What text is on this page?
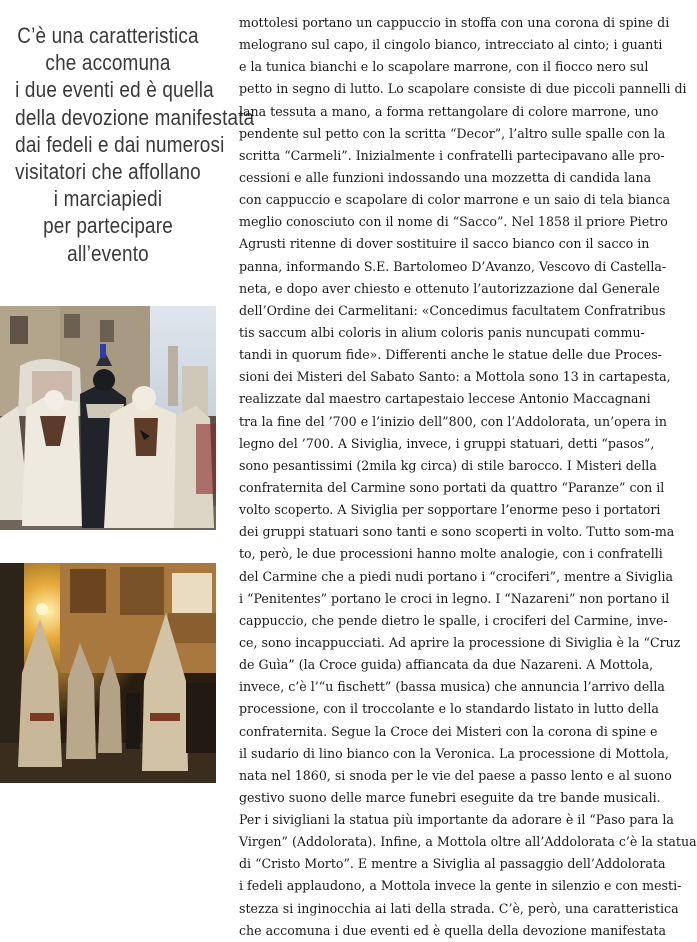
C’è una caratteristica
che accomuna
i due eventi ed è quella
della devozione manifestata
dai fedeli e dai numerosi
visitatori che affollano
i marciapiedi
per partecipare
all’evento
mottolesi portano un cappuccio in stoffa con una corona di spine di
melograno sul capo, il cingolo bianco, intrecciato al cinto; i guanti
e la tunica bianchi e lo scapolare marrone, con il fiocco nero sul
petto in segno di lutto. Lo scapolare consiste di due piccoli pannelli di
lana tessuta a mano, a forma rettangolare di colore marrone, uno
pendente sul petto con la scritta “Decor”, l’altro sulle spalle con la
scritta “Carmeli”. Inizialmente i confratelli partecipavano alle pro-
cessioni e alle funzioni indossando una mozzetta di candida lana
con cappuccio e scapolare di color marrone e un saio di tela bianca
meglio conosciuto con il nome di “Sacco”. Nel 1858 il priore Pietro
Agrusti ritenne di dover sostituire il sacco bianco con il sacco in
panna, informando S.E. Bartolomeo D’Avanzo, Vescovo di Castella-
neta, e dopo aver chiesto e ottenuto l’autorizzazione dal Generale
dell’Ordine dei Carmelitani: «Concedimus facultatem Confratribus
tis saccum albi coloris in alium coloris panis nuncupati commu-
tandi in quorum fide». Differenti anche le statue delle due Proces-
sioni dei Misteri del Sabato Santo: a Mottola sono 13 in cartapesta,
realizzate dal maestro cartapestaio leccese Antonio Maccagnani
tra la fine del ’700 e l’inizio dell”800, con l’Addolorata, un’opera in
legno del ’700. A Siviglia, invece, i gruppi statuari, detti “pasos”,
sono pesantissimi (2mila kg circa) di stile barocco. I Misteri della
confraternita del Carmine sono portati da quattro “Paranze” con il
volto scoperto. A Siviglia per sopportare l’enorme peso i portatori
dei gruppi statuari sono tanti e sono scoperti in volto. Tutto som-ma
to, però, le due processioni hanno molte analogie, con i confratelli
del Carmine che a piedi nudi portano i “crociferi”, mentre a Siviglia
i “Penitentes” portano le croci in legno. I “Nazareni” non portano il
cappuccio, che pende dietro le spalle, i crociferi del Carmine, inve-
ce, sono incappucciati. Ad aprire la processione di Siviglia è la “Cruz
de Guìa” (la Croce guida) affiancata da due Nazareni. A Mottola,
invece, c’è l’“u fischett” (bassa musica) che annuncia l’arrivo della
processione, con il troccolante e lo standardo listato in lutto della
confraternita. Segue la Croce dei Misteri con la corona di spine e
il sudario di lino bianco con la Veronica. La processione di Mottola,
nata nel 1860, si snoda per le vie del paese a passo lento e al suono
gestivo suono delle marce funebri eseguite da tre bande musicali.
Per i sivigliani la statua più importante da adorare è il “Paso para la
Virgen” (Addolorata). Infine, a Mottola oltre all’Addolorata c’è la statua
di “Cristo Morto”. E mentre a Siviglia al passaggio dell’Addolorata
i fedeli applaudono, a Mottola invece la gente in silenzio e con mesti-
stezza si inginocchia ai lati della strada. C’è, però, una caratteristica
che accomuna i due eventi ed è quella della devozione manifestata
